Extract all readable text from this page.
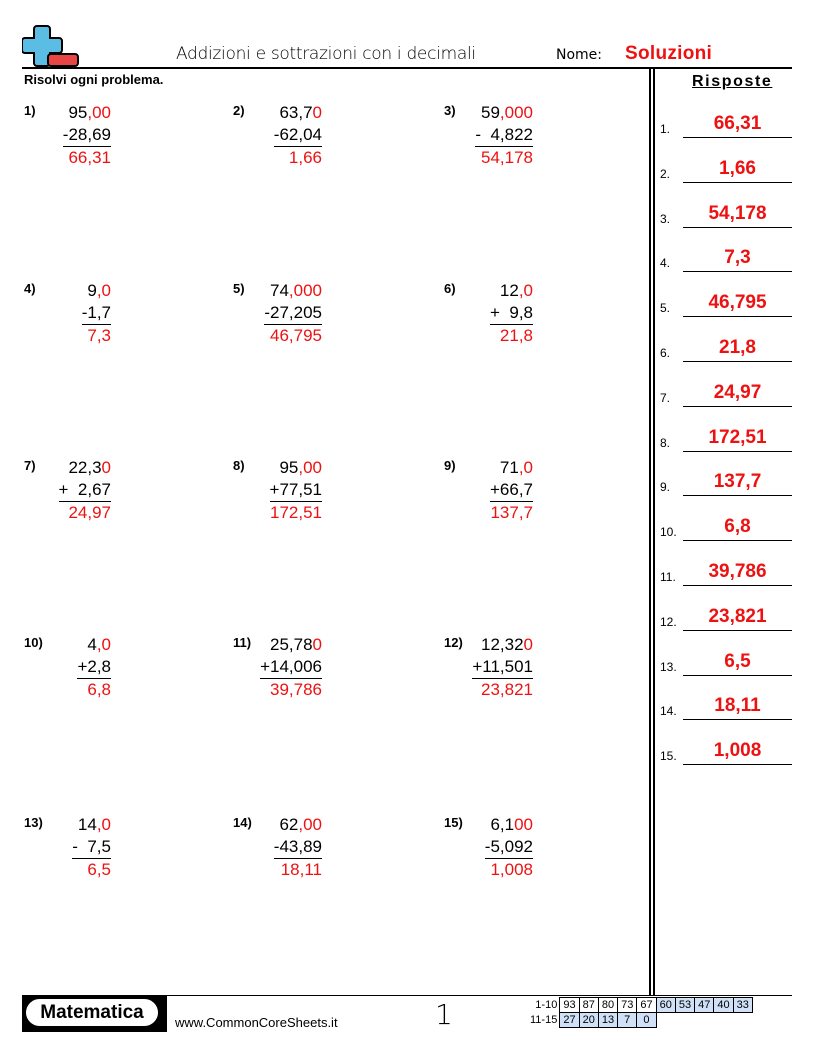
Addizioni e sottrazioni con i decimali	Nome: Soluzioni
Risolvi ogni problema.	Risposte
1)	95,00
-28,69
66,31
2)	63,70
-62,04
1,66
3)	59,000
-  4,822
54,178
4)	9,0
-1,7
7,3
5)	74,000
-27,205
46,795
6)	12,0
+  9,8
21,8
7)	22,30
+  2,67
24,97
8)	95,00
+77,51
172,51
9)	71,0
+66,7
137,7
10)	4,0
+2,8
6,8
11)	25,780
+14,006
39,786
12)	12,320
+11,501
23,821
13)	14,0
-  7,5
6,5
14)	62,00
-43,89
18,11
15)	6,100
-5,092
1,008
1.	66,31
2.	1,66
3.	54,178
4.	7,3
5.	46,795
6.	21,8
7.	24,97
8.	172,51
9.	137,7
10.	6,8
11.	39,786
12.	23,821
13.	6,5
14.	18,11
15.	1,008
Matematica	www.CommonCoreSheets.it	1	1-10	93	87	80	73	67	60	53	47	40	33
11-15	27	20	13	7	0					
